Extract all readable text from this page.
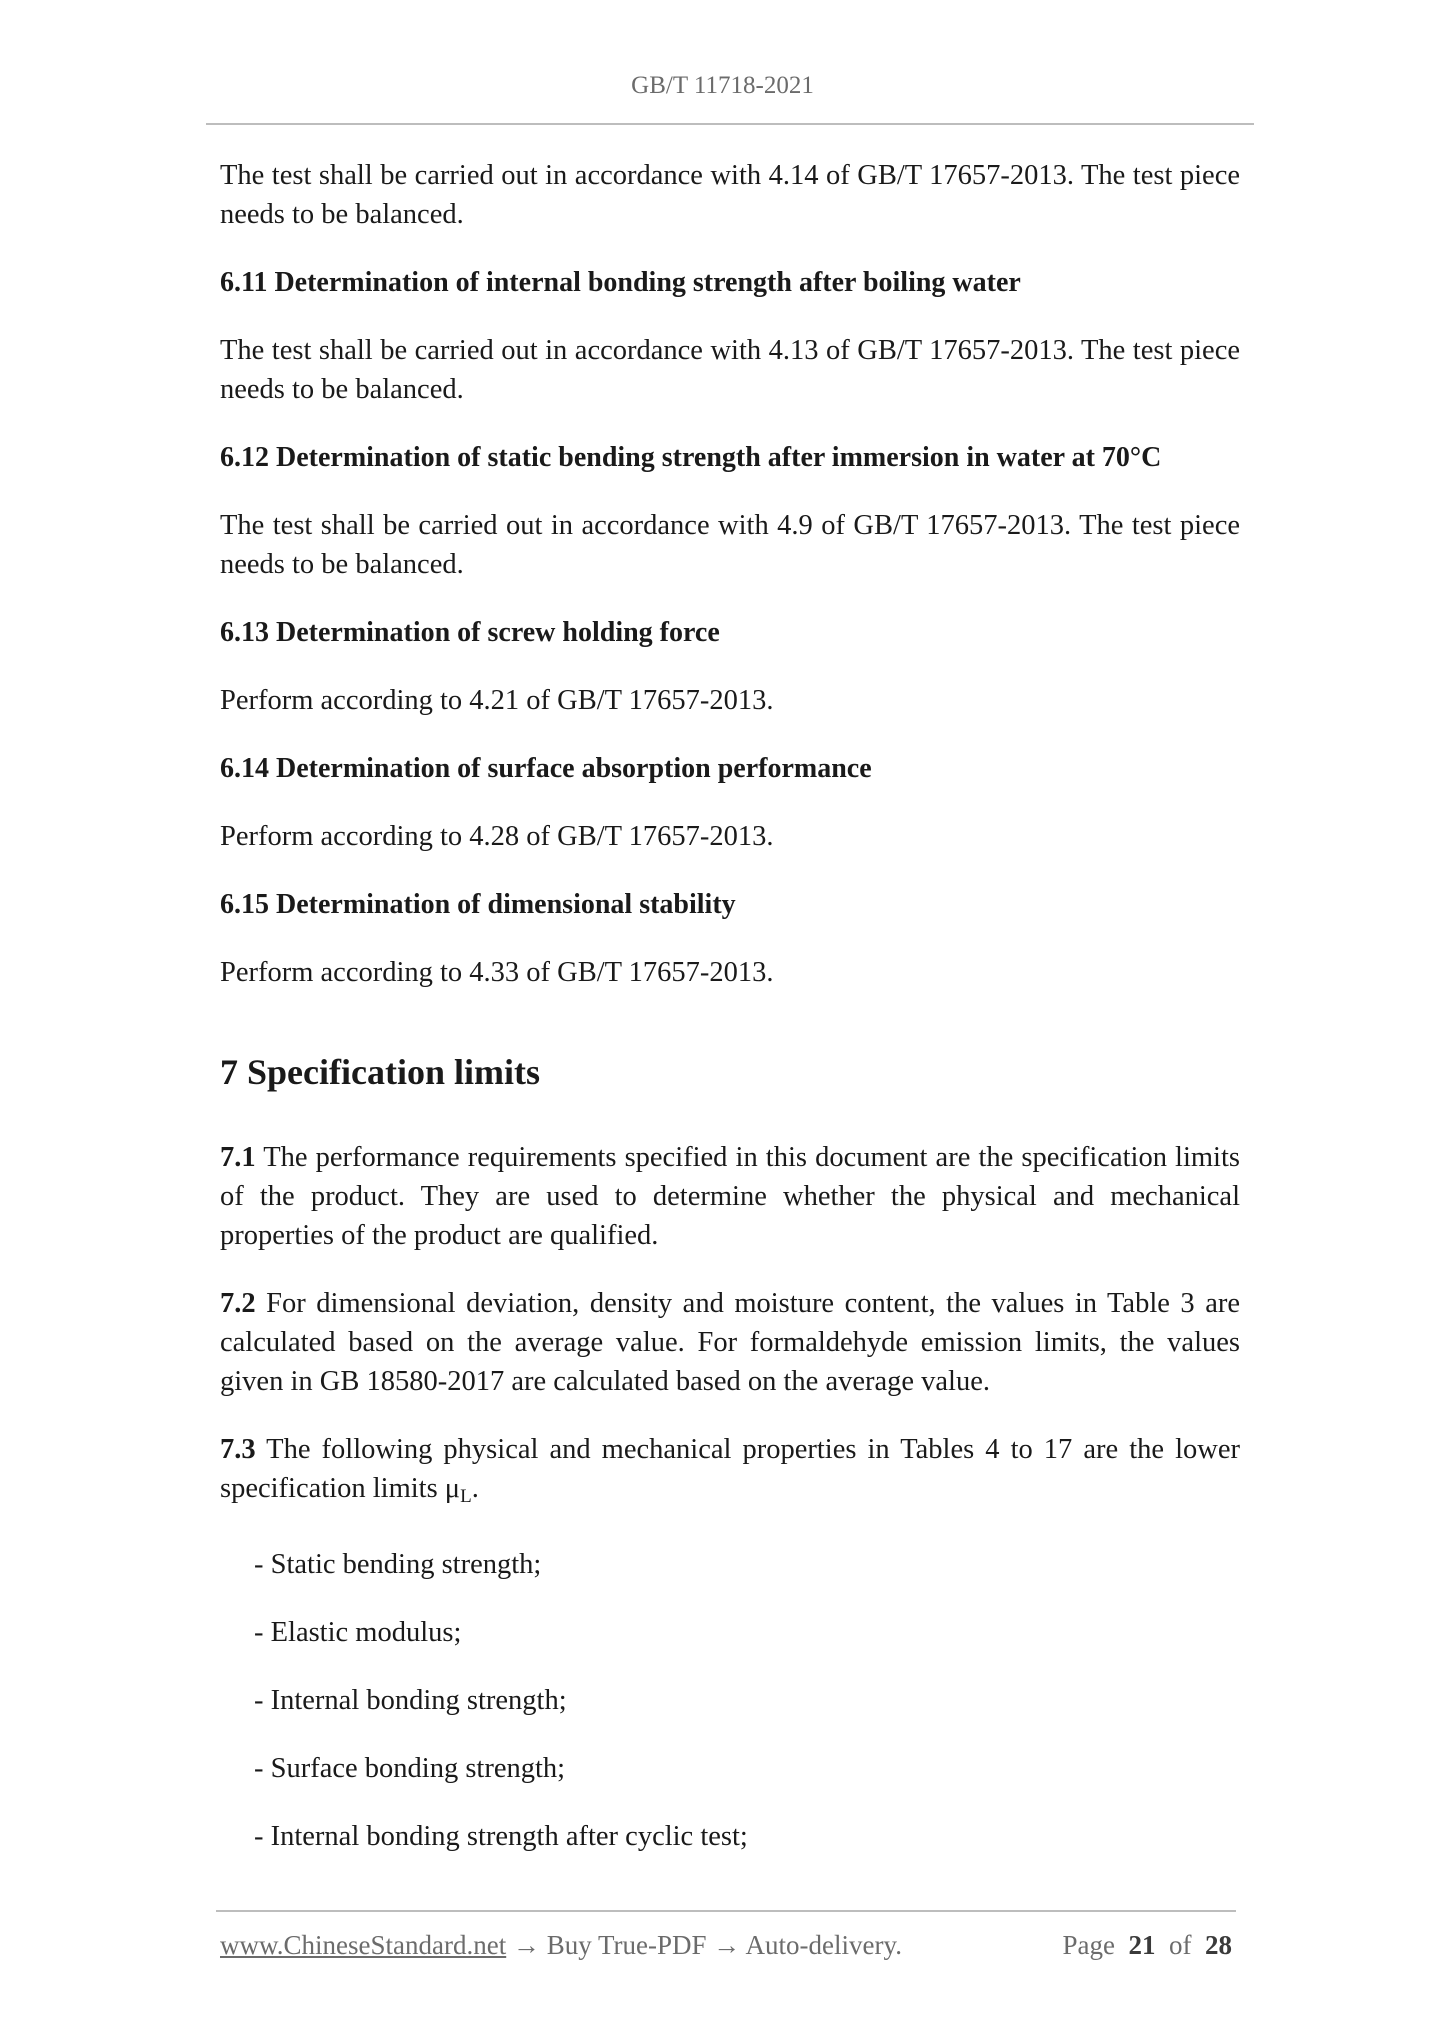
GB/T 11718-2021

The test shall be carried out in accordance with 4.14 of GB/T 17657-2013. The test piece needs to be balanced.

6.11 Determination of internal bonding strength after boiling water

The test shall be carried out in accordance with 4.13 of GB/T 17657-2013. The test piece needs to be balanced.

6.12 Determination of static bending strength after immersion in water at 70°C

The test shall be carried out in accordance with 4.9 of GB/T 17657-2013. The test piece needs to be balanced.

6.13 Determination of screw holding force

Perform according to 4.21 of GB/T 17657-2013.

6.14 Determination of surface absorption performance

Perform according to 4.28 of GB/T 17657-2013.

6.15 Determination of dimensional stability

Perform according to 4.33 of GB/T 17657-2013.

7 Specification limits

7.1 The performance requirements specified in this document are the specification limits of the product. They are used to determine whether the physical and mechanical properties of the product are qualified.

7.2 For dimensional deviation, density and moisture content, the values in Table 3 are calculated based on the average value. For formaldehyde emission limits, the values given in GB 18580-2017 are calculated based on the average value.

7.3 The following physical and mechanical properties in Tables 4 to 17 are the lower specification limits $\mu_L$.

- Static bending strength;
- Elastic modulus;
- Internal bonding strength;
- Surface bonding strength;
- Internal bonding strength after cyclic test;
www.ChineseStandard.net → Buy True-PDF → Auto-delivery.	Page 21 of 28
